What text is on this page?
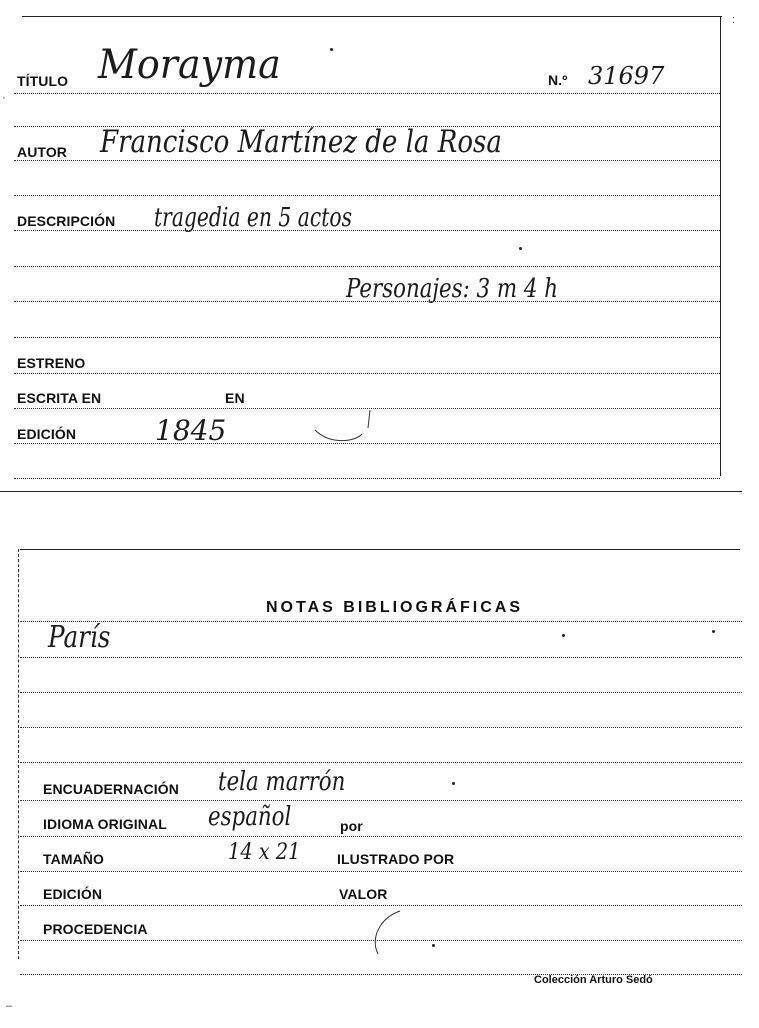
TÍTULO Morayma	N.º 31697
AUTOR Francisco Martínez de la Rosa
DESCRIPCIÓN tragedia en 5 actos
Personajes: 3 m 4 h
ESTRENO
ESCRITA EN	EN
EDICIÓN	1845
:
·
NOTAS BIBLIOGRÁFICAS
París
ENCUADERNACIÓN tela marrón
IDIOMA ORIGINAL español	por
TAMAÑO	14 x 21	ILUSTRADO POR
EDICIÓN	VALOR
PROCEDENCIA
Colección Arturo Sedó
–
